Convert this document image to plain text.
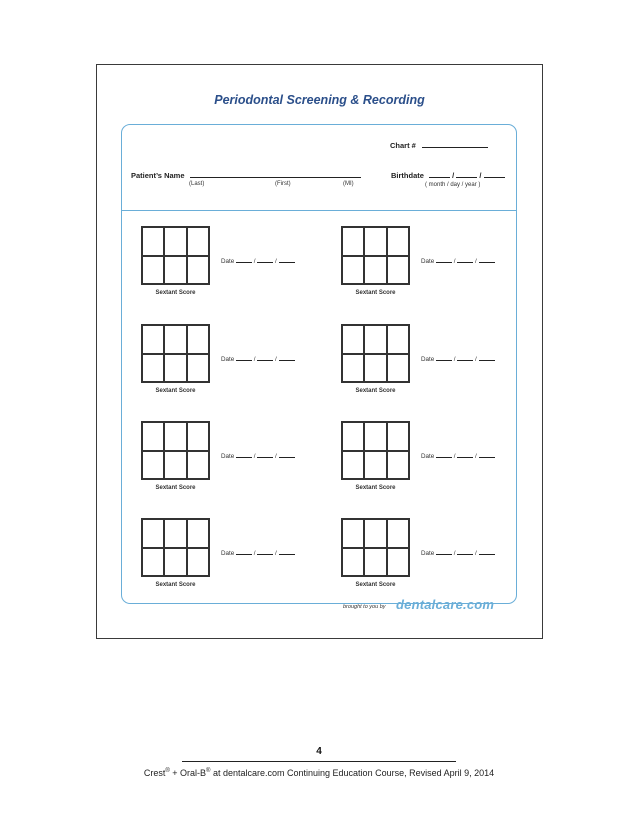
Periodontal Screening & Recording
Chart #
Patient’s Name
(Last)	(First)	(MI)
Birthdate	/	/
( month / day / year )
Sextant Score
Date	/	/
Sextant Score
Date	/	/
Sextant Score
Date	/	/
Sextant Score
Date	/	/
Sextant Score
Date	/	/
Sextant Score
Date	/	/
Sextant Score
Date	/	/
Sextant Score
Date	/	/
brought to you by dentalcare.com
4
Crest® + Oral-B® at dentalcare.com Continuing Education Course, Revised April 9, 2014
